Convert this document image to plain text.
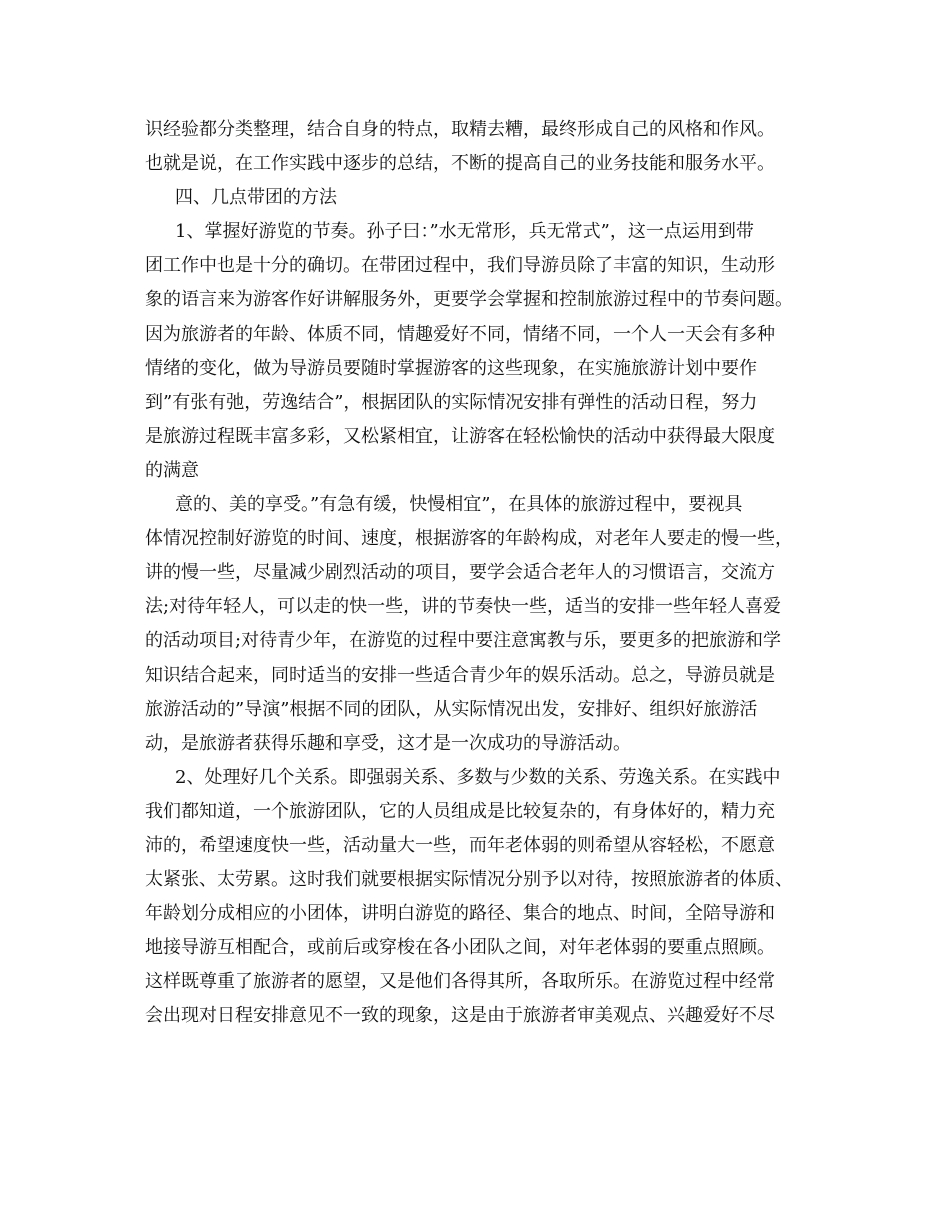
识经验都分类整理，结合自身的特点，取精去糟，最终形成自己的风格和作风。
也就是说，在工作实践中逐步的总结，不断的提高自己的业务技能和服务水平。
四、几点带团的方法
1、掌握好游览的节奏。孙子曰：”水无常形，兵无常式”，这一点运用到带
团工作中也是十分的确切。在带团过程中，我们导游员除了丰富的知识，生动形
象的语言来为游客作好讲解服务外，更要学会掌握和控制旅游过程中的节奏问题。
因为旅游者的年龄、体质不同，情趣爱好不同，情绪不同，一个人一天会有多种
情绪的变化，做为导游员要随时掌握游客的这些现象，在实施旅游计划中要作
到”有张有弛，劳逸结合”，根据团队的实际情况安排有弹性的活动日程，努力
是旅游过程既丰富多彩，又松紧相宜，让游客在轻松愉快的活动中获得最大限度
的满意
意的、美的享受。”有急有缓，快慢相宜”，在具体的旅游过程中，要视具
体情况控制好游览的时间、速度，根据游客的年龄构成，对老年人要走的慢一些，
讲的慢一些，尽量减少剧烈活动的项目，要学会适合老年人的习惯语言，交流方
法;对待年轻人，可以走的快一些，讲的节奏快一些，适当的安排一些年轻人喜爱
的活动项目;对待青少年，在游览的过程中要注意寓教与乐，要更多的把旅游和学
知识结合起来，同时适当的安排一些适合青少年的娱乐活动。总之，导游员就是
旅游活动的”导演”根据不同的团队，从实际情况出发，安排好、组织好旅游活
动，是旅游者获得乐趣和享受，这才是一次成功的导游活动。
2、处理好几个关系。即强弱关系、多数与少数的关系、劳逸关系。在实践中
我们都知道，一个旅游团队，它的人员组成是比较复杂的，有身体好的，精力充
沛的，希望速度快一些，活动量大一些，而年老体弱的则希望从容轻松，不愿意
太紧张、太劳累。这时我们就要根据实际情况分别予以对待，按照旅游者的体质、
年龄划分成相应的小团体，讲明白游览的路径、集合的地点、时间，全陪导游和
地接导游互相配合，或前后或穿梭在各小团队之间，对年老体弱的要重点照顾。
这样既尊重了旅游者的愿望，又是他们各得其所，各取所乐。在游览过程中经常
会出现对日程安排意见不一致的现象，这是由于旅游者审美观点、兴趣爱好不尽
